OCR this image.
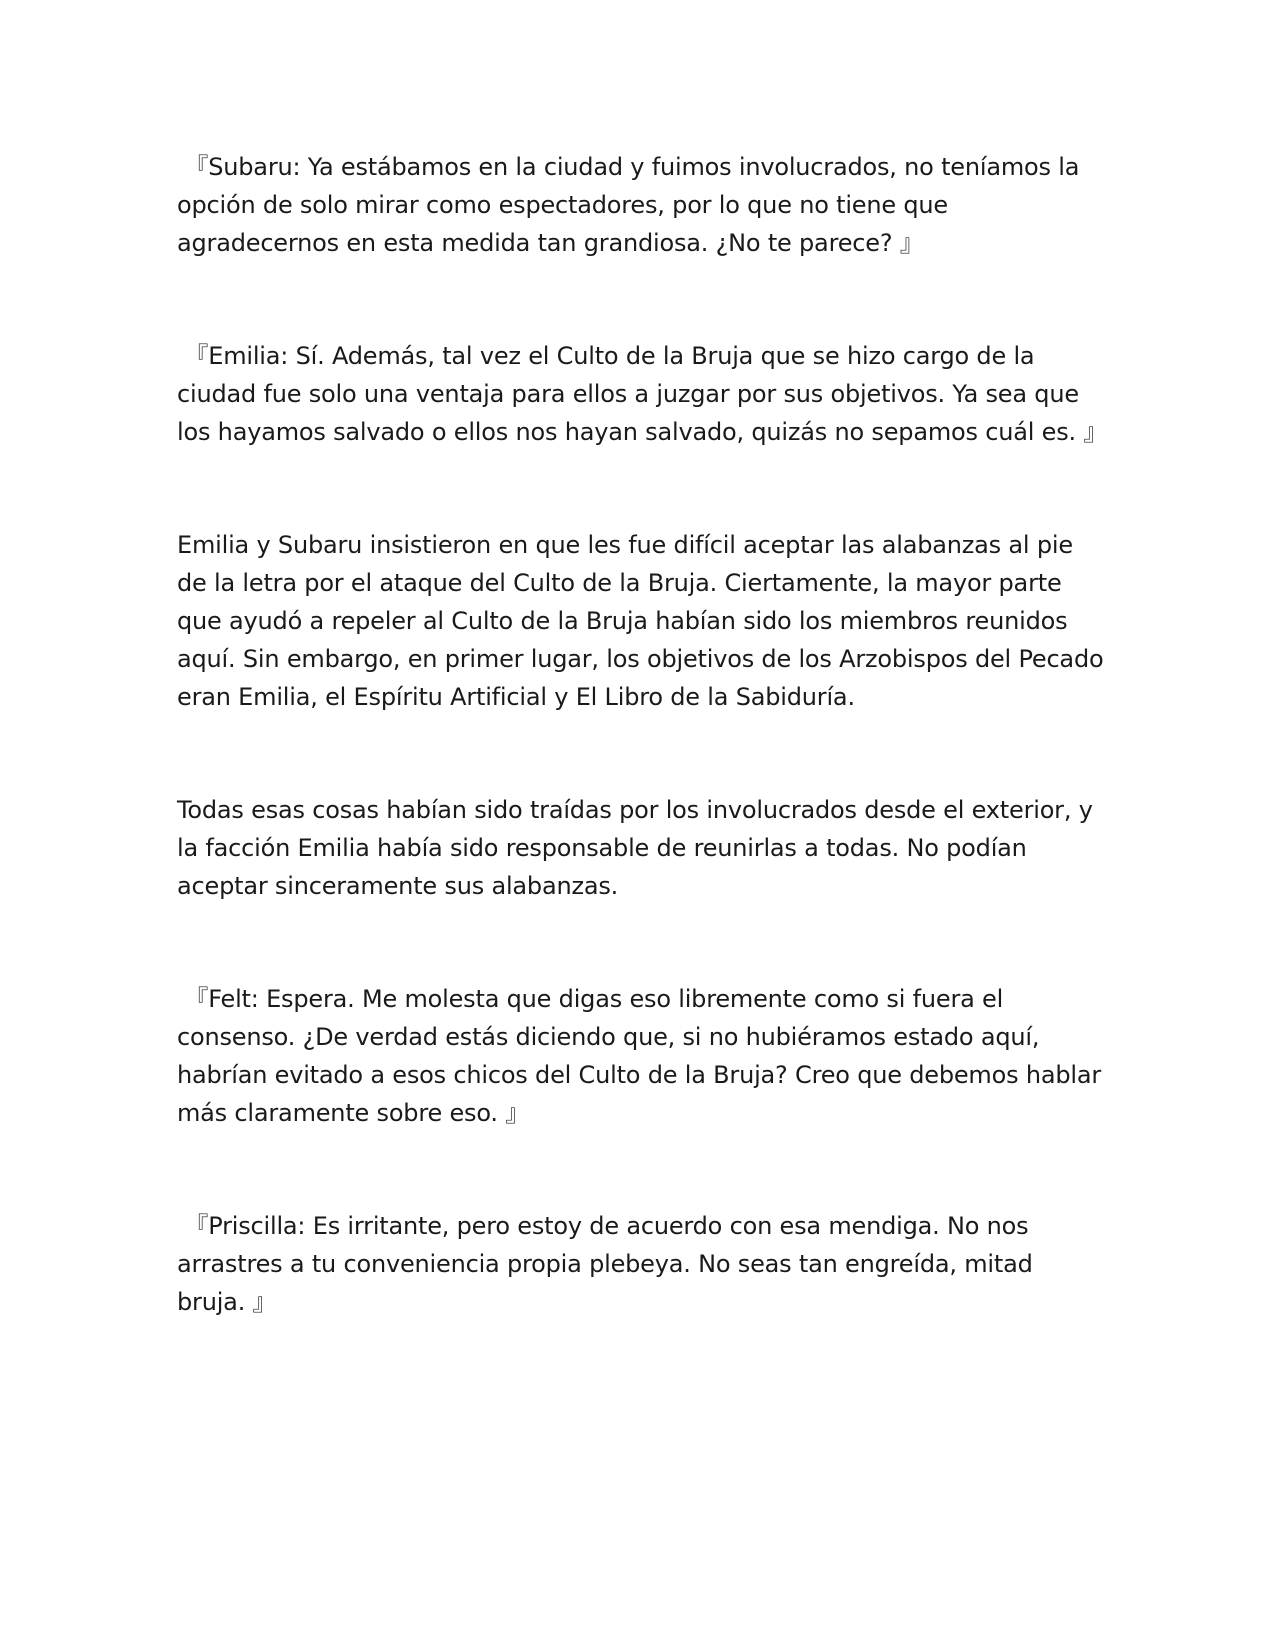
『Subaru: Ya estábamos en la ciudad y fuimos involucrados, no teníamos la opción de solo mirar como espectadores, por lo que no tiene que agradecernos en esta medida tan grandiosa. ¿No te parece? 』

『Emilia: Sí. Además, tal vez el Culto de la Bruja que se hizo cargo de la ciudad fue solo una ventaja para ellos a juzgar por sus objetivos. Ya sea que los hayamos salvado o ellos nos hayan salvado, quizás no sepamos cuál es. 』

Emilia y Subaru insistieron en que les fue difícil aceptar las alabanzas al pie de la letra por el ataque del Culto de la Bruja. Ciertamente, la mayor parte que ayudó a repeler al Culto de la Bruja habían sido los miembros reunidos aquí. Sin embargo, en primer lugar, los objetivos de los Arzobispos del Pecado eran Emilia, el Espíritu Artificial y El Libro de la Sabiduría.

Todas esas cosas habían sido traídas por los involucrados desde el exterior, y la facción Emilia había sido responsable de reunirlas a todas. No podían aceptar sinceramente sus alabanzas.

『Felt: Espera. Me molesta que digas eso libremente como si fuera el consenso. ¿De verdad estás diciendo que, si no hubiéramos estado aquí, habrían evitado a esos chicos del Culto de la Bruja? Creo que debemos hablar más claramente sobre eso. 』

『Priscilla: Es irritante, pero estoy de acuerdo con esa mendiga. No nos arrastres a tu conveniencia propia plebeya. No seas tan engreída, mitad bruja. 』
